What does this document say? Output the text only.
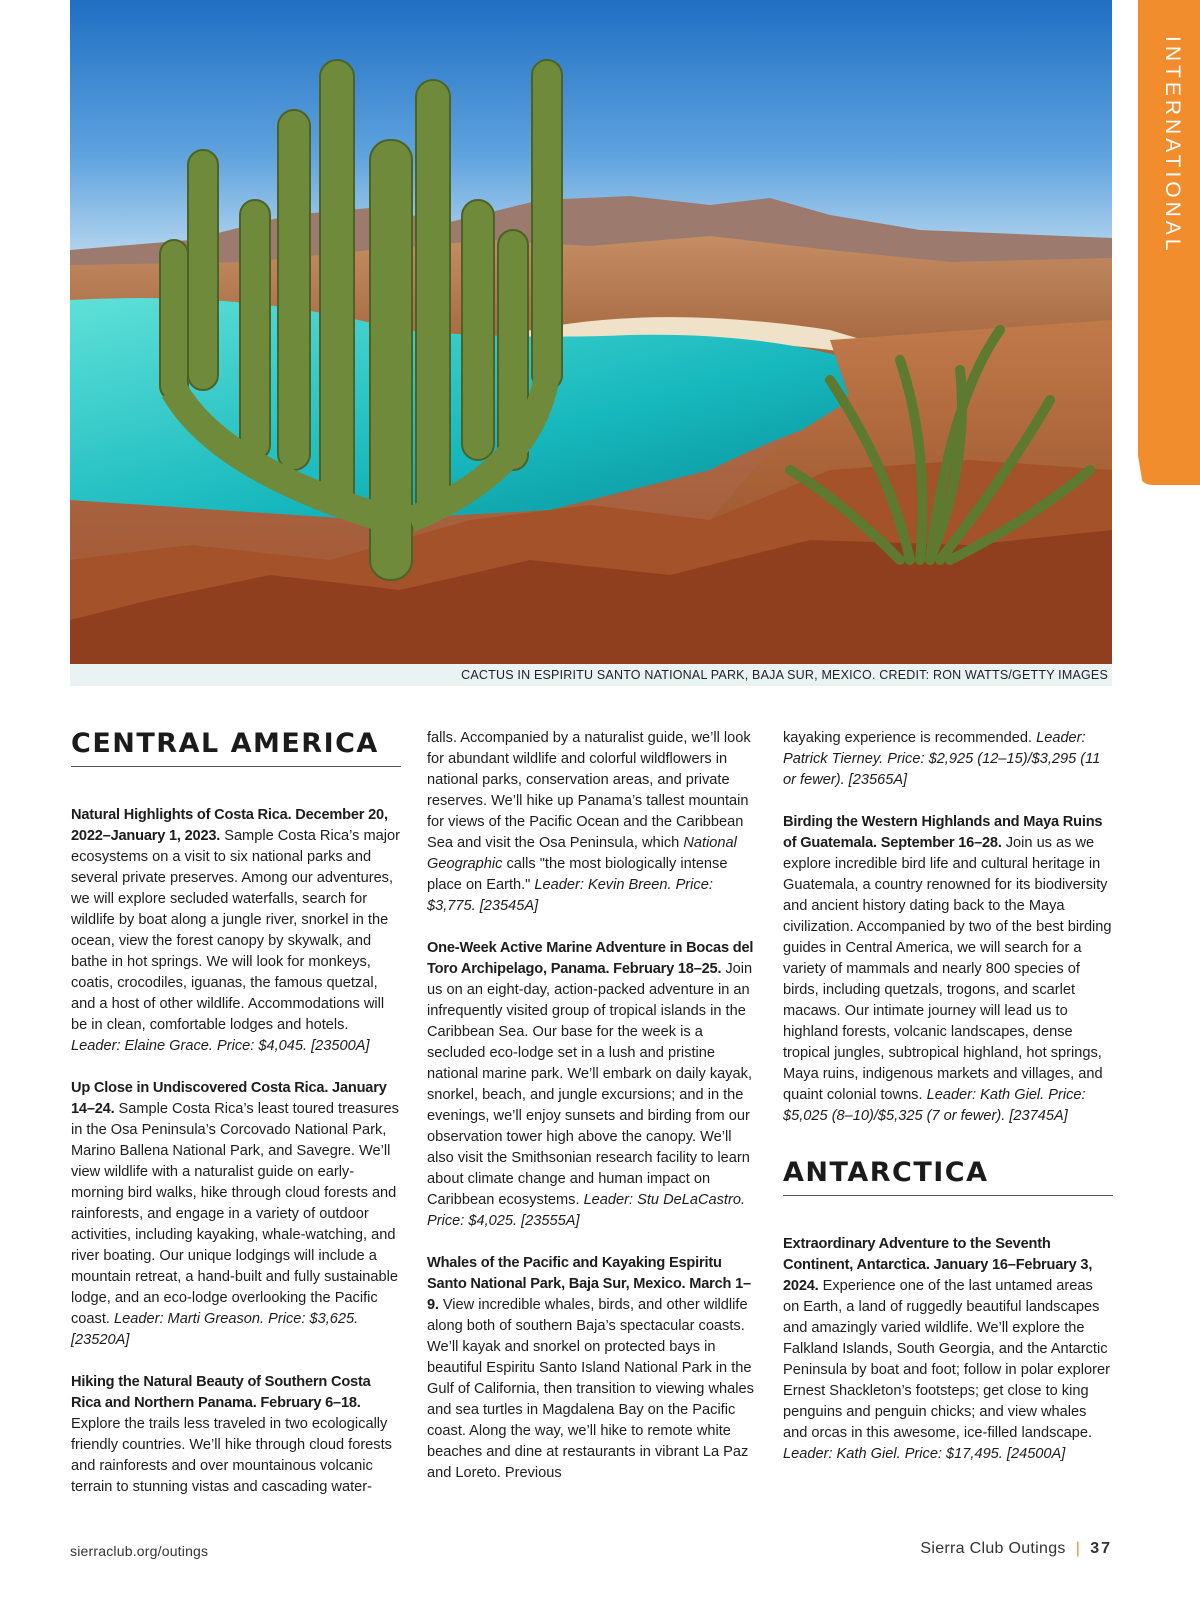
CACTUS IN ESPIRITU SANTO NATIONAL PARK, BAJA SUR, MEXICO. CREDIT: RON WATTS/GETTY IMAGES
INTERNATIONAL
CENTRAL AMERICA

Natural Highlights of Costa Rica. December 20, 2022–January 1, 2023. Sample Costa Rica’s major ecosystems on a visit to six national parks and several private preserves. Among our adventures, we will explore secluded waterfalls, search for wildlife by boat along a jungle river, snorkel in the ocean, view the forest canopy by skywalk, and bathe in hot springs. We will look for monkeys, coatis, crocodiles, iguanas, the famous quetzal, and a host of other wildlife. Accommodations will be in clean, comfortable lodges and hotels. Leader: Elaine Grace. Price: $4,045. [23500A]

Up Close in Undiscovered Costa Rica. January 14–24. Sample Costa Rica’s least toured treasures in the Osa Peninsula’s Corcovado National Park, Marino Ballena National Park, and Savegre. We’ll view wildlife with a naturalist guide on early-morning bird walks, hike through cloud forests and rainforests, and engage in a variety of outdoor activities, including kayaking, whale-watching, and river boating. Our unique lodgings will include a mountain retreat, a hand-built and fully sustainable lodge, and an eco-lodge overlooking the Pacific coast. Leader: Marti Greason. Price: $3,625. [23520A]

Hiking the Natural Beauty of Southern Costa Rica and Northern Panama. February 6–18. Explore the trails less traveled in two ecologically friendly countries. We’ll hike through cloud forests and rainforests and over mountainous volcanic terrain to stunning vistas and cascading water-

falls. Accompanied by a naturalist guide, we’ll look for abundant wildlife and colorful wildflowers in national parks, conservation areas, and private reserves. We’ll hike up Panama’s tallest mountain for views of the Pacific Ocean and the Caribbean Sea and visit the Osa Peninsula, which National Geographic calls "the most biologically intense place on Earth." Leader: Kevin Breen. Price: $3,775. [23545A]

One-Week Active Marine Adventure in Bocas del Toro Archipelago, Panama. February 18–25. Join us on an eight-day, action-packed adventure in an infrequently visited group of tropical islands in the Caribbean Sea. Our base for the week is a secluded eco-lodge set in a lush and pristine national marine park. We’ll embark on daily kayak, snorkel, beach, and jungle excursions; and in the evenings, we’ll enjoy sunsets and birding from our observation tower high above the canopy. We’ll also visit the Smithsonian research facility to learn about climate change and human impact on Caribbean ecosystems. Leader: Stu DeLaCastro. Price: $4,025. [23555A]

Whales of the Pacific and Kayaking Espiritu Santo National Park, Baja Sur, Mexico. March 1–9. View incredible whales, birds, and other wildlife along both of southern Baja’s spectacular coasts. We’ll kayak and snorkel on protected bays in beautiful Espiritu Santo Island National Park in the Gulf of California, then transition to viewing whales and sea turtles in Magdalena Bay on the Pacific coast. Along the way, we’ll hike to remote white beaches and dine at restaurants in vibrant La Paz and Loreto. Previous

kayaking experience is recommended. Leader: Patrick Tierney. Price: $2,925 (12–15)/$3,295 (11 or fewer). [23565A]

Birding the Western Highlands and Maya Ruins of Guatemala. September 16–28. Join us as we explore incredible bird life and cultural heritage in Guatemala, a country renowned for its biodiversity and ancient history dating back to the Maya civilization. Accompanied by two of the best birding guides in Central America, we will search for a variety of mammals and nearly 800 species of birds, including quetzals, trogons, and scarlet macaws. Our intimate journey will lead us to highland forests, volcanic landscapes, dense tropical jungles, subtropical highland, hot springs, Maya ruins, indigenous markets and villages, and quaint colonial towns. Leader: Kath Giel. Price: $5,025 (8–10)/$5,325 (7 or fewer). [23745A]

ANTARCTICA

Extraordinary Adventure to the Seventh Continent, Antarctica. January 16–February 3, 2024. Experience one of the last untamed areas on Earth, a land of ruggedly beautiful landscapes and amazingly varied wildlife. We’ll explore the Falkland Islands, South Georgia, and the Antarctic Peninsula by boat and foot; follow in polar explorer Ernest Shackleton’s footsteps; get close to king penguins and penguin chicks; and view whales and orcas in this awesome, ice-filled landscape. Leader: Kath Giel. Price: $17,495. [24500A]

sierraclub.org/outings	Sierra Club Outings | 37
